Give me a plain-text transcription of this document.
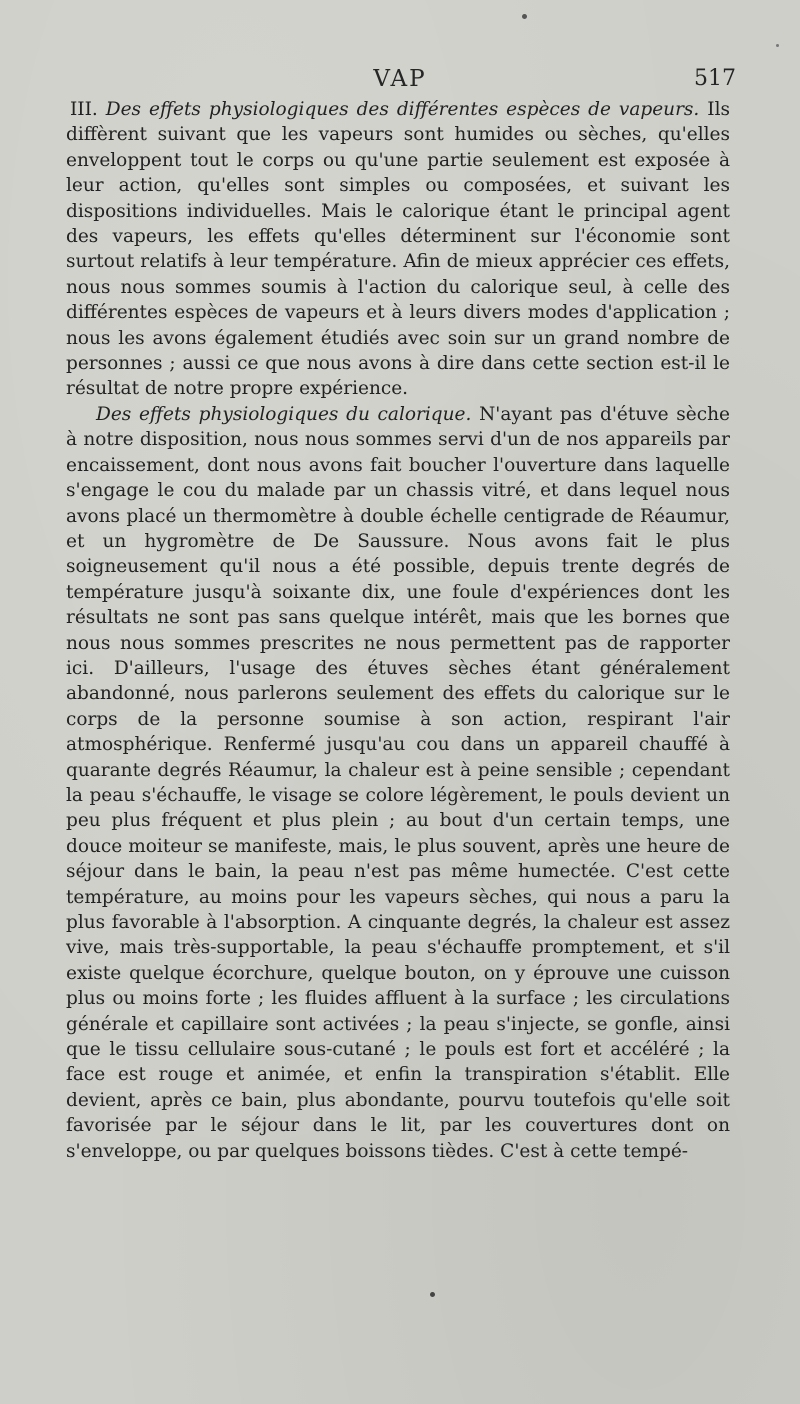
VAP	517

III. Des effets physiologiques des différentes espèces de vapeurs. Ils diffèrent suivant que les vapeurs sont humides ou sèches, qu'elles enveloppent tout le corps ou qu'une partie seulement est exposée à leur action, qu'elles sont simples ou composées, et suivant les dispositions individuelles. Mais le calorique étant le principal agent des vapeurs, les effets qu'elles déterminent sur l'économie sont surtout relatifs à leur température. Afin de mieux apprécier ces effets, nous nous sommes soumis à l'action du calorique seul, à celle des différentes espèces de vapeurs et à leurs divers modes d'application ; nous les avons également étudiés avec soin sur un grand nombre de personnes ; aussi ce que nous avons à dire dans cette section est-il le résultat de notre propre expérience.

Des effets physiologiques du calorique. N'ayant pas d'étuve sèche à notre disposition, nous nous sommes servi d'un de nos appareils par encaissement, dont nous avons fait boucher l'ouverture dans laquelle s'engage le cou du malade par un chassis vitré, et dans lequel nous avons placé un thermomètre à double échelle centigrade de Réaumur, et un hygromètre de De Saussure. Nous avons fait le plus soigneusement qu'il nous a été possible, depuis trente degrés de température jusqu'à soixante dix, une foule d'expériences dont les résultats ne sont pas sans quelque intérêt, mais que les bornes que nous nous sommes prescrites ne nous permettent pas de rapporter ici. D'ailleurs, l'usage des étuves sèches étant généralement abandonné, nous parlerons seulement des effets du calorique sur le corps de la personne soumise à son action, respirant l'air atmosphérique. Renfermé jusqu'au cou dans un appareil chauffé à quarante degrés Réaumur, la chaleur est à peine sensible ; cependant la peau s'échauffe, le visage se colore légèrement, le pouls devient un peu plus fréquent et plus plein ; au bout d'un certain temps, une douce moiteur se manifeste, mais, le plus souvent, après une heure de séjour dans le bain, la peau n'est pas même humectée. C'est cette température, au moins pour les vapeurs sèches, qui nous a paru la plus favorable à l'absorption. A cinquante degrés, la chaleur est assez vive, mais très-supportable, la peau s'échauffe promptement, et s'il existe quelque écorchure, quelque bouton, on y éprouve une cuisson plus ou moins forte ; les fluides affluent à la surface ; les circulations générale et capillaire sont activées ; la peau s'injecte, se gonfle, ainsi que le tissu cellulaire sous-cutané ; le pouls est fort et accéléré ; la face est rouge et animée, et enfin la transpiration s'établit. Elle devient, après ce bain, plus abondante, pourvu toutefois qu'elle soit favorisée par le séjour dans le lit, par les couvertures dont on s'enveloppe, ou par quelques boissons tièdes. C'est à cette tempé-
